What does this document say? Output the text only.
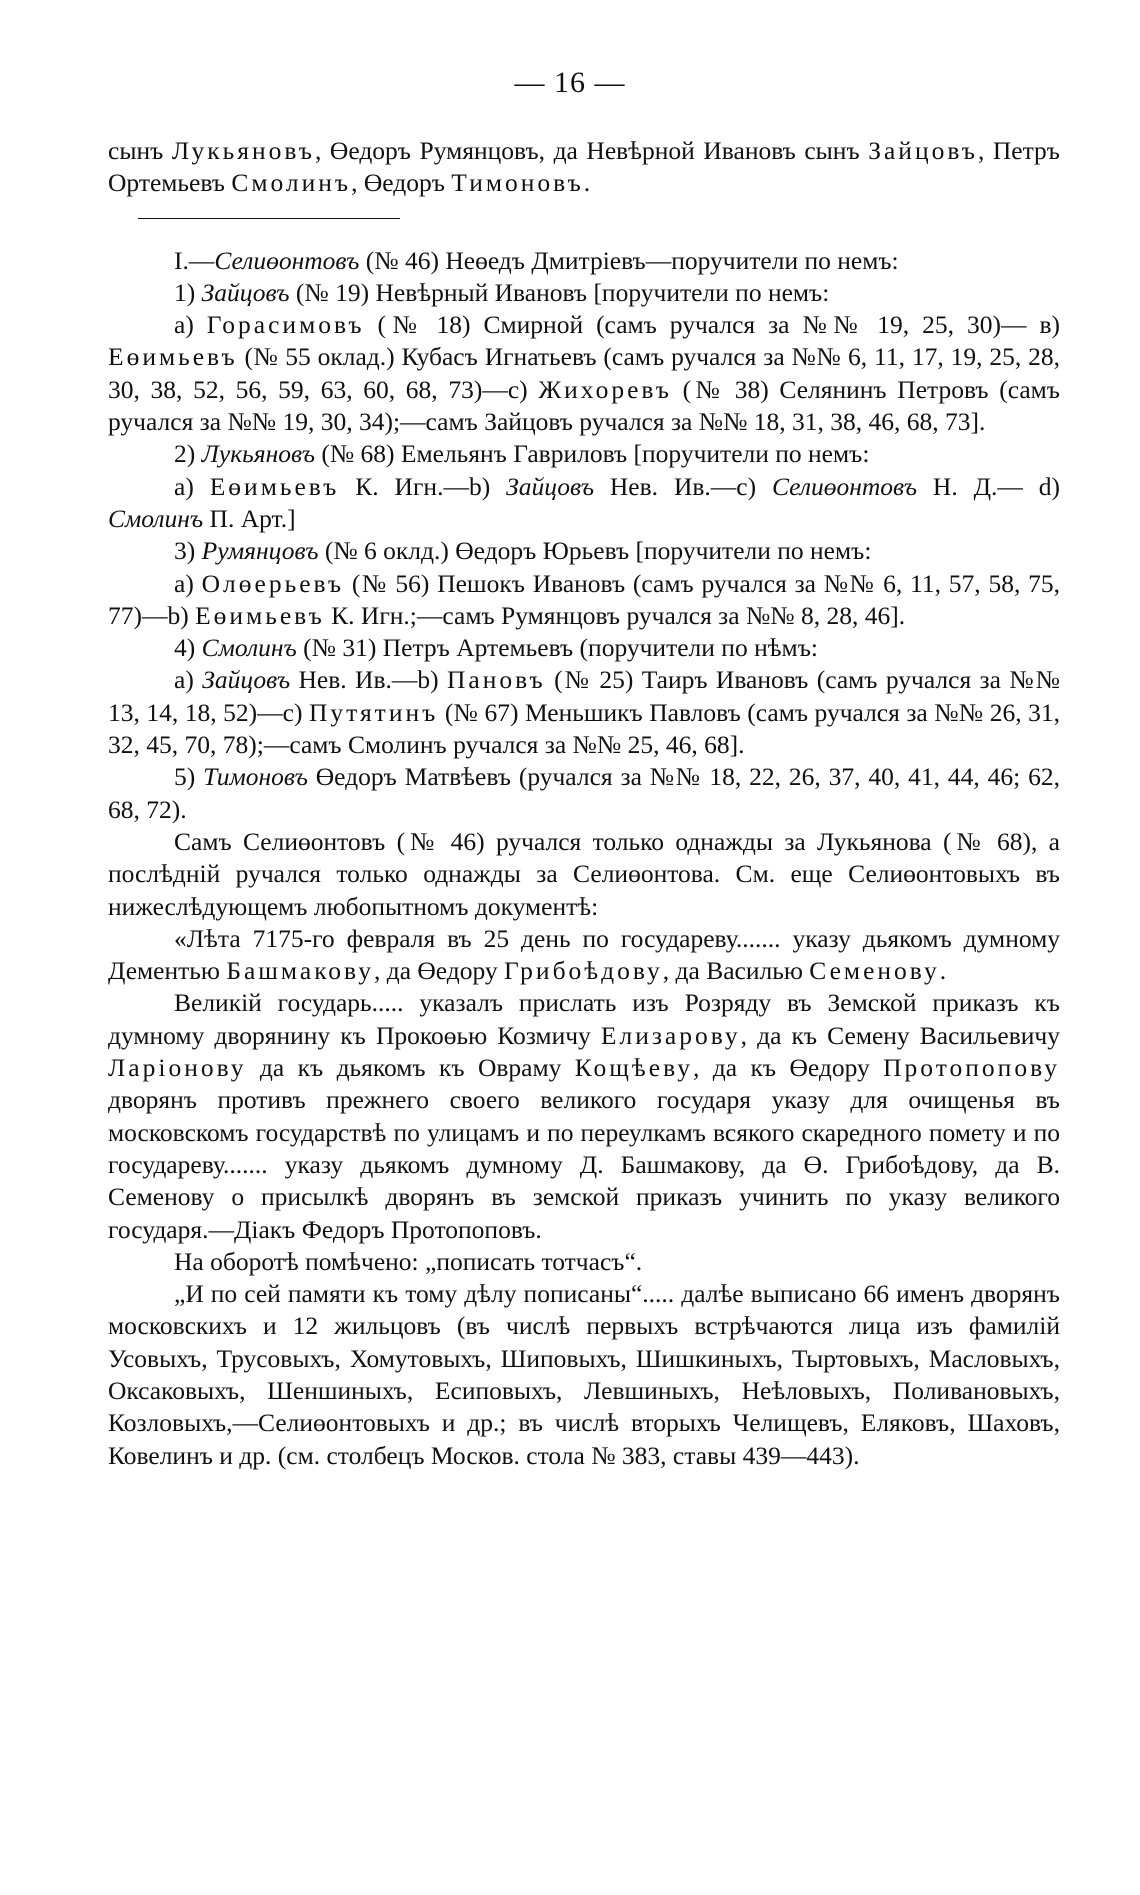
— 16 —

сынъ Лукьяновъ, Өедоръ Румянцовъ, да Невѣрной Ивановъ сынъ Зайцовъ, Петръ Ортемьевъ Смолинъ, Өедоръ Тимоновъ.

I.—Селиөонтовъ (№ 46) Неөедъ Дмитріевъ—поручители по немъ:

1) Зайцовъ (№ 19) Невѣрный Ивановъ [поручители по немъ:

а) Горасимовъ (№ 18) Смирной (самъ ручался за №№ 19, 25, 30)— в) Еөимьевъ (№ 55 оклад.) Кубасъ Игнатьевъ (самъ ручался за №№ 6, 11, 17, 19, 25, 28, 30, 38, 52, 56, 59, 63, 60, 68, 73)—с) Жихоревъ (№ 38) Селянинъ Петровъ (самъ ручался за №№ 19, 30, 34);—самъ Зайцовъ ручался за №№ 18, 31, 38, 46, 68, 73].

2) Лукьяновъ (№ 68) Емельянъ Гавриловъ [поручители по немъ:

а) Еөимьевъ К. Игн.—b) Зайцовъ Нев. Ив.—с) Селиөонтовъ Н. Д.— d) Смолинъ П. Арт.]

3) Румянцовъ (№ 6 оклд.) Өедоръ Юрьевъ [поручители по немъ:

а) Олөерьевъ (№ 56) Пешокъ Ивановъ (самъ ручался за №№ 6, 11, 57, 58, 75, 77)—b) Еөимьевъ К. Игн.;—самъ Румянцовъ ручался за №№ 8, 28, 46].

4) Смолинъ (№ 31) Петръ Артемьевъ (поручители по нѣмъ:

а) Зайцовъ Нев. Ив.—b) Пановъ (№ 25) Таиръ Ивановъ (самъ ручался за №№ 13, 14, 18, 52)—с) Путятинъ (№ 67) Меньшикъ Павловъ (самъ ручался за №№ 26, 31, 32, 45, 70, 78);—самъ Смолинъ ручался за №№ 25, 46, 68].

5) Тимоновъ Өедоръ Матвѣевъ (ручался за №№ 18, 22, 26, 37, 40, 41, 44, 46; 62, 68, 72).

Самъ Селиөонтовъ (№ 46) ручался только однажды за Лукьянова (№ 68), а послѣдній ручался только однажды за Селиөонтова. См. еще Селиөонтовыхъ въ нижеслѣдующемъ любопытномъ документѣ:

«Лѣта 7175-го февраля въ 25 день по государеву....... указу дьякомъ думному Дементью Башмакову, да Өедору Грибоѣдову, да Василью Семенову.

Великій государь..... указалъ прислать изъ Розряду въ Земской приказъ къ думному дворянину къ Прокоөью Козмичу Елизарову, да къ Семену Васильевичу Ларіонову да къ дьякомъ къ Овраму Кощѣеву, да къ Өедору Протопопову дворянъ противъ прежнего своего великого государя указу для очищенья въ московскомъ государствѣ по улицамъ и по переулкамъ всякого скаредного помету и по государеву....... указу дьякомъ думному Д. Башмакову, да Ө. Грибоѣдову, да В. Семенову о присылкѣ дворянъ въ земской приказъ учинить по указу великого государя.—Діакъ Федоръ Протопоповъ.

На оборотѣ помѣчено: „пописать тотчасъ“.

„И по сей памяти къ тому дѣлу пописаны“..... далѣе выписано 66 именъ дворянъ московскихъ и 12 жильцовъ (въ числѣ первыхъ встрѣчаются лица изъ фамилій Усовыхъ, Трусовыхъ, Хомутовыхъ, Шиповыхъ, Шишкиныхъ, Тыртовыхъ, Масловыхъ, Оксаковыхъ, Шеншиныхъ, Есиповыхъ, Левшиныхъ, Неѣловыхъ, Поливановыхъ, Козловыхъ,—Селиөонтовыхъ и др.; въ числѣ вторыхъ Челищевъ, Еляковъ, Шаховъ, Ковелинъ и др. (см. столбецъ Москов. стола № 383, ставы 439—443).
